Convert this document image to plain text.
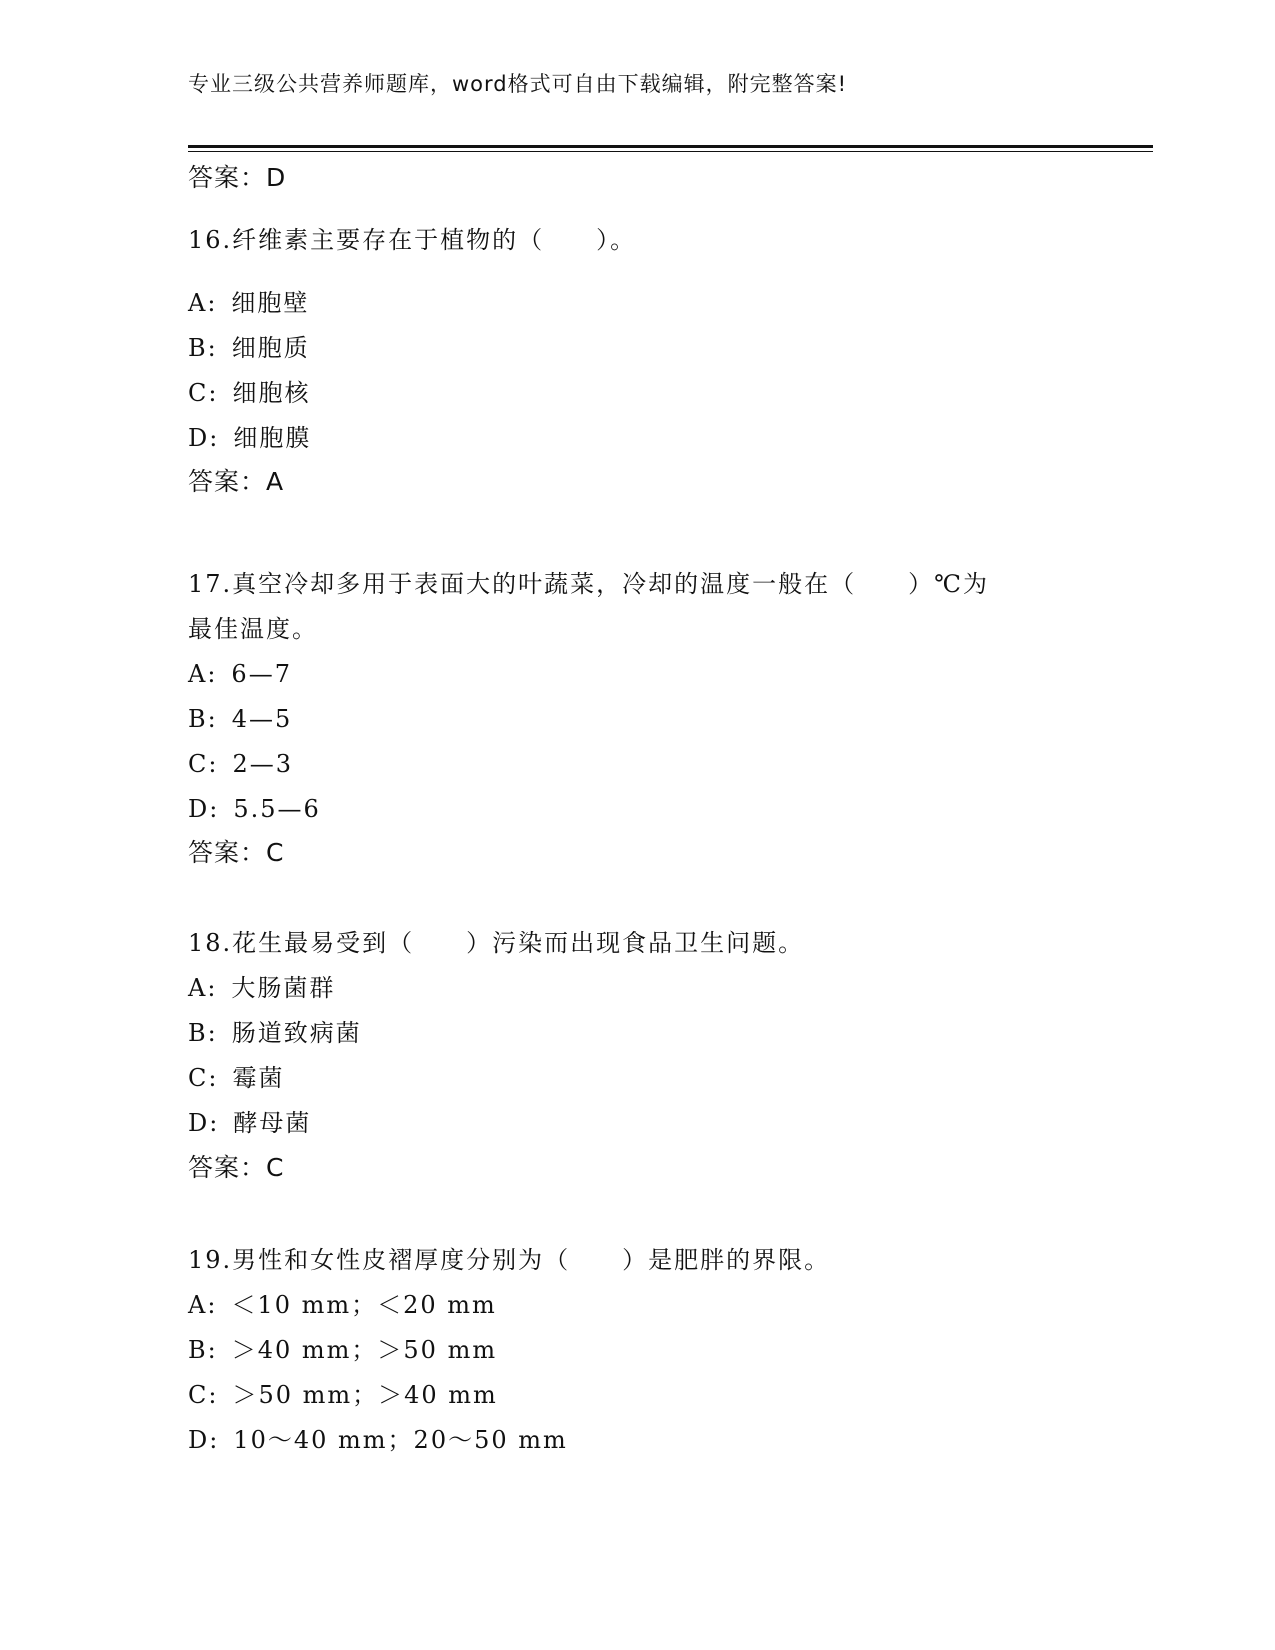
专业三级公共营养师题库，word格式可自由下载编辑，附完整答案!
答案：D
16.纤维素主要存在于植物的（　　）。
A: 细胞壁
B: 细胞质
C: 细胞核
D: 细胞膜
答案：A
17.真空冷却多用于表面大的叶蔬菜，冷却的温度一般在（　　）℃为
最佳温度。
A: 6—7
B: 4—5
C: 2—3
D: 5.5—6
答案：C
18.花生最易受到（　　）污染而出现食品卫生问题。
A: 大肠菌群
B: 肠道致病菌
C: 霉菌
D: 酵母菌
答案：C
19.男性和女性皮褶厚度分别为（　　）是肥胖的界限。
A: ＜10 mm；＜20 mm
B: ＞40 mm；＞50 mm
C: ＞50 mm；＞40 mm
D: 10～40 mm；20～50 mm
